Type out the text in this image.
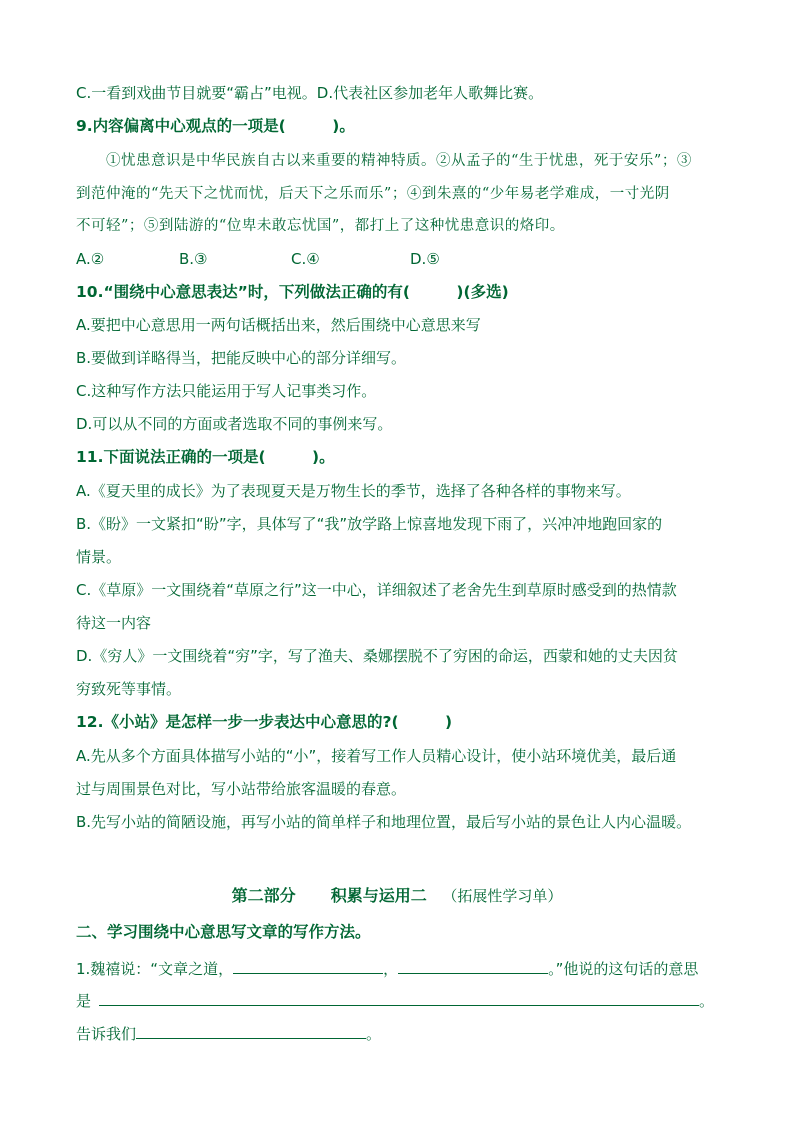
C.一看到戏曲节目就要“霸占”电视。D.代表社区参加老年人歌舞比赛。
9.内容偏离中心观点的一项是(　　　)。
①忧患意识是中华民族自古以来重要的精神特质。②从孟子的“生于忧患，死于安乐”；③
到范仲淹的“先天下之忧而忧，后天下之乐而乐”；④到朱熹的“少年易老学难成，一寸光阴
不可轻”；⑤到陆游的“位卑未敢忘忧国”，都打上了这种忧患意识的烙印。
A.②	B.③	C.④	D.⑤
10.“围绕中心意思表达”时，下列做法正确的有(　　　)(多选)
A.要把中心意思用一两句话概括出来，然后围绕中心意思来写
B.要做到详略得当，把能反映中心的部分详细写。
C.这种写作方法只能运用于写人记事类习作。
D.可以从不同的方面或者选取不同的事例来写。
11.下面说法正确的一项是(　　　)。
A.《夏天里的成长》为了表现夏天是万物生长的季节，选择了各种各样的事物来写。
B.《盼》一文紧扣“盼”字，具体写了“我”放学路上惊喜地发现下雨了，兴冲冲地跑回家的
情景。
C.《草原》一文围绕着“草原之行”这一中心，详细叙述了老舍先生到草原时感受到的热情款
待这一内容
D.《穷人》一文围绕着“穷”字，写了渔夫、桑娜摆脱不了穷困的命运，西蒙和她的丈夫因贫
穷致死等事情。
12.《小站》是怎样一步一步表达中心意思的?(　　　)
A.先从多个方面具体描写小站的“小”，接着写工作人员精心设计，使小站环境优美，最后通
过与周围景色对比，写小站带给旅客温暖的春意。
B.先写小站的简陋设施，再写小站的简单样子和地理位置，最后写小站的景色让人内心温暖。
第二部分 积累与运用二 （拓展性学习单）
二、学习围绕中心意思写文章的写作方法。
1.魏禧说：“文章之道，	，	。”他说的这句话的意思
是	。
告诉我们	。
